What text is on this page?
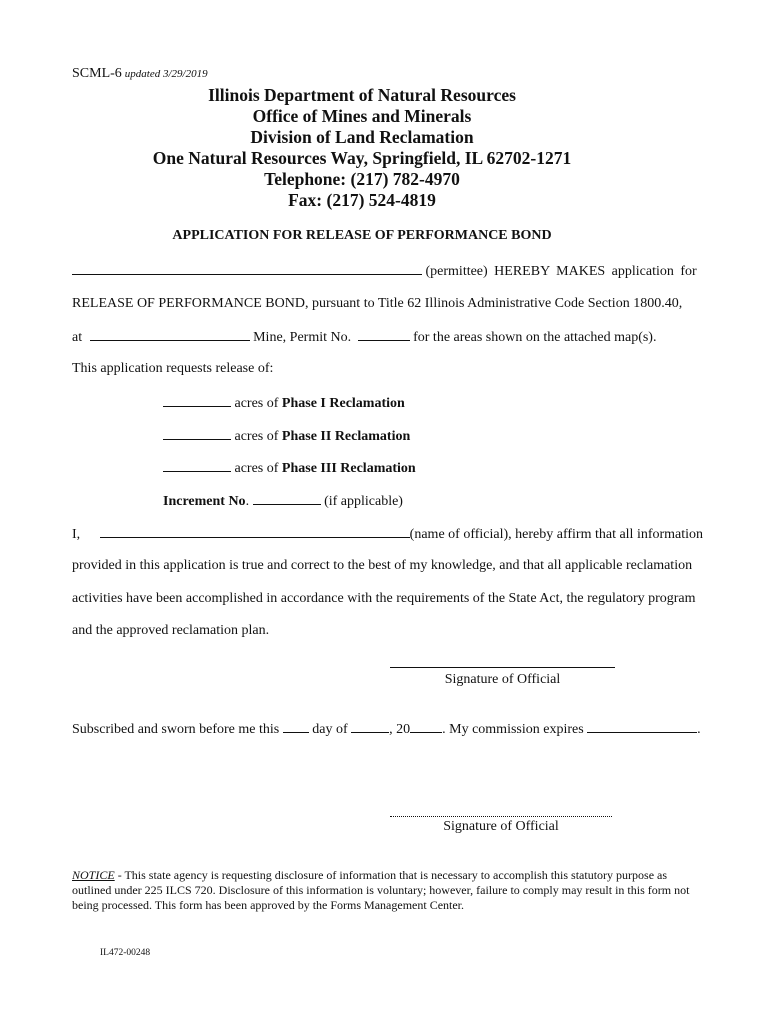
SCML-6 updated 3/29/2019
Illinois Department of Natural Resources
Office of Mines and Minerals
Division of Land Reclamation
One Natural Resources Way, Springfield, IL 62702-1271
Telephone: (217) 782-4970
Fax: (217) 524-4819
APPLICATION FOR RELEASE OF PERFORMANCE BOND
(permittee) HEREBY MAKES application for
RELEASE OF PERFORMANCE BOND, pursuant to Title 62 Illinois Administrative Code Section 1800.40,
at	Mine, Permit No.	for the areas shown on the attached map(s).
This application requests release of:
acres of Phase I Reclamation
acres of Phase II Reclamation
acres of Phase III Reclamation
Increment No.	(if applicable)
I,	(name of official), hereby affirm that all information
provided in this application is true and correct to the best of my knowledge, and that all applicable reclamation
activities have been accomplished in accordance with the requirements of the State Act, the regulatory program
and the approved reclamation plan.
Signature of Official
Subscribed and sworn before me this day of	, 20 . My commission expires	.
Signature of Official
NOTICE - This state agency is requesting disclosure of information that is necessary to accomplish this statutory purpose as outlined under 225 ILCS 720. Disclosure of this information is voluntary; however, failure to comply may result in this form not being processed. This form has been approved by the Forms Management Center.
IL472-00248
